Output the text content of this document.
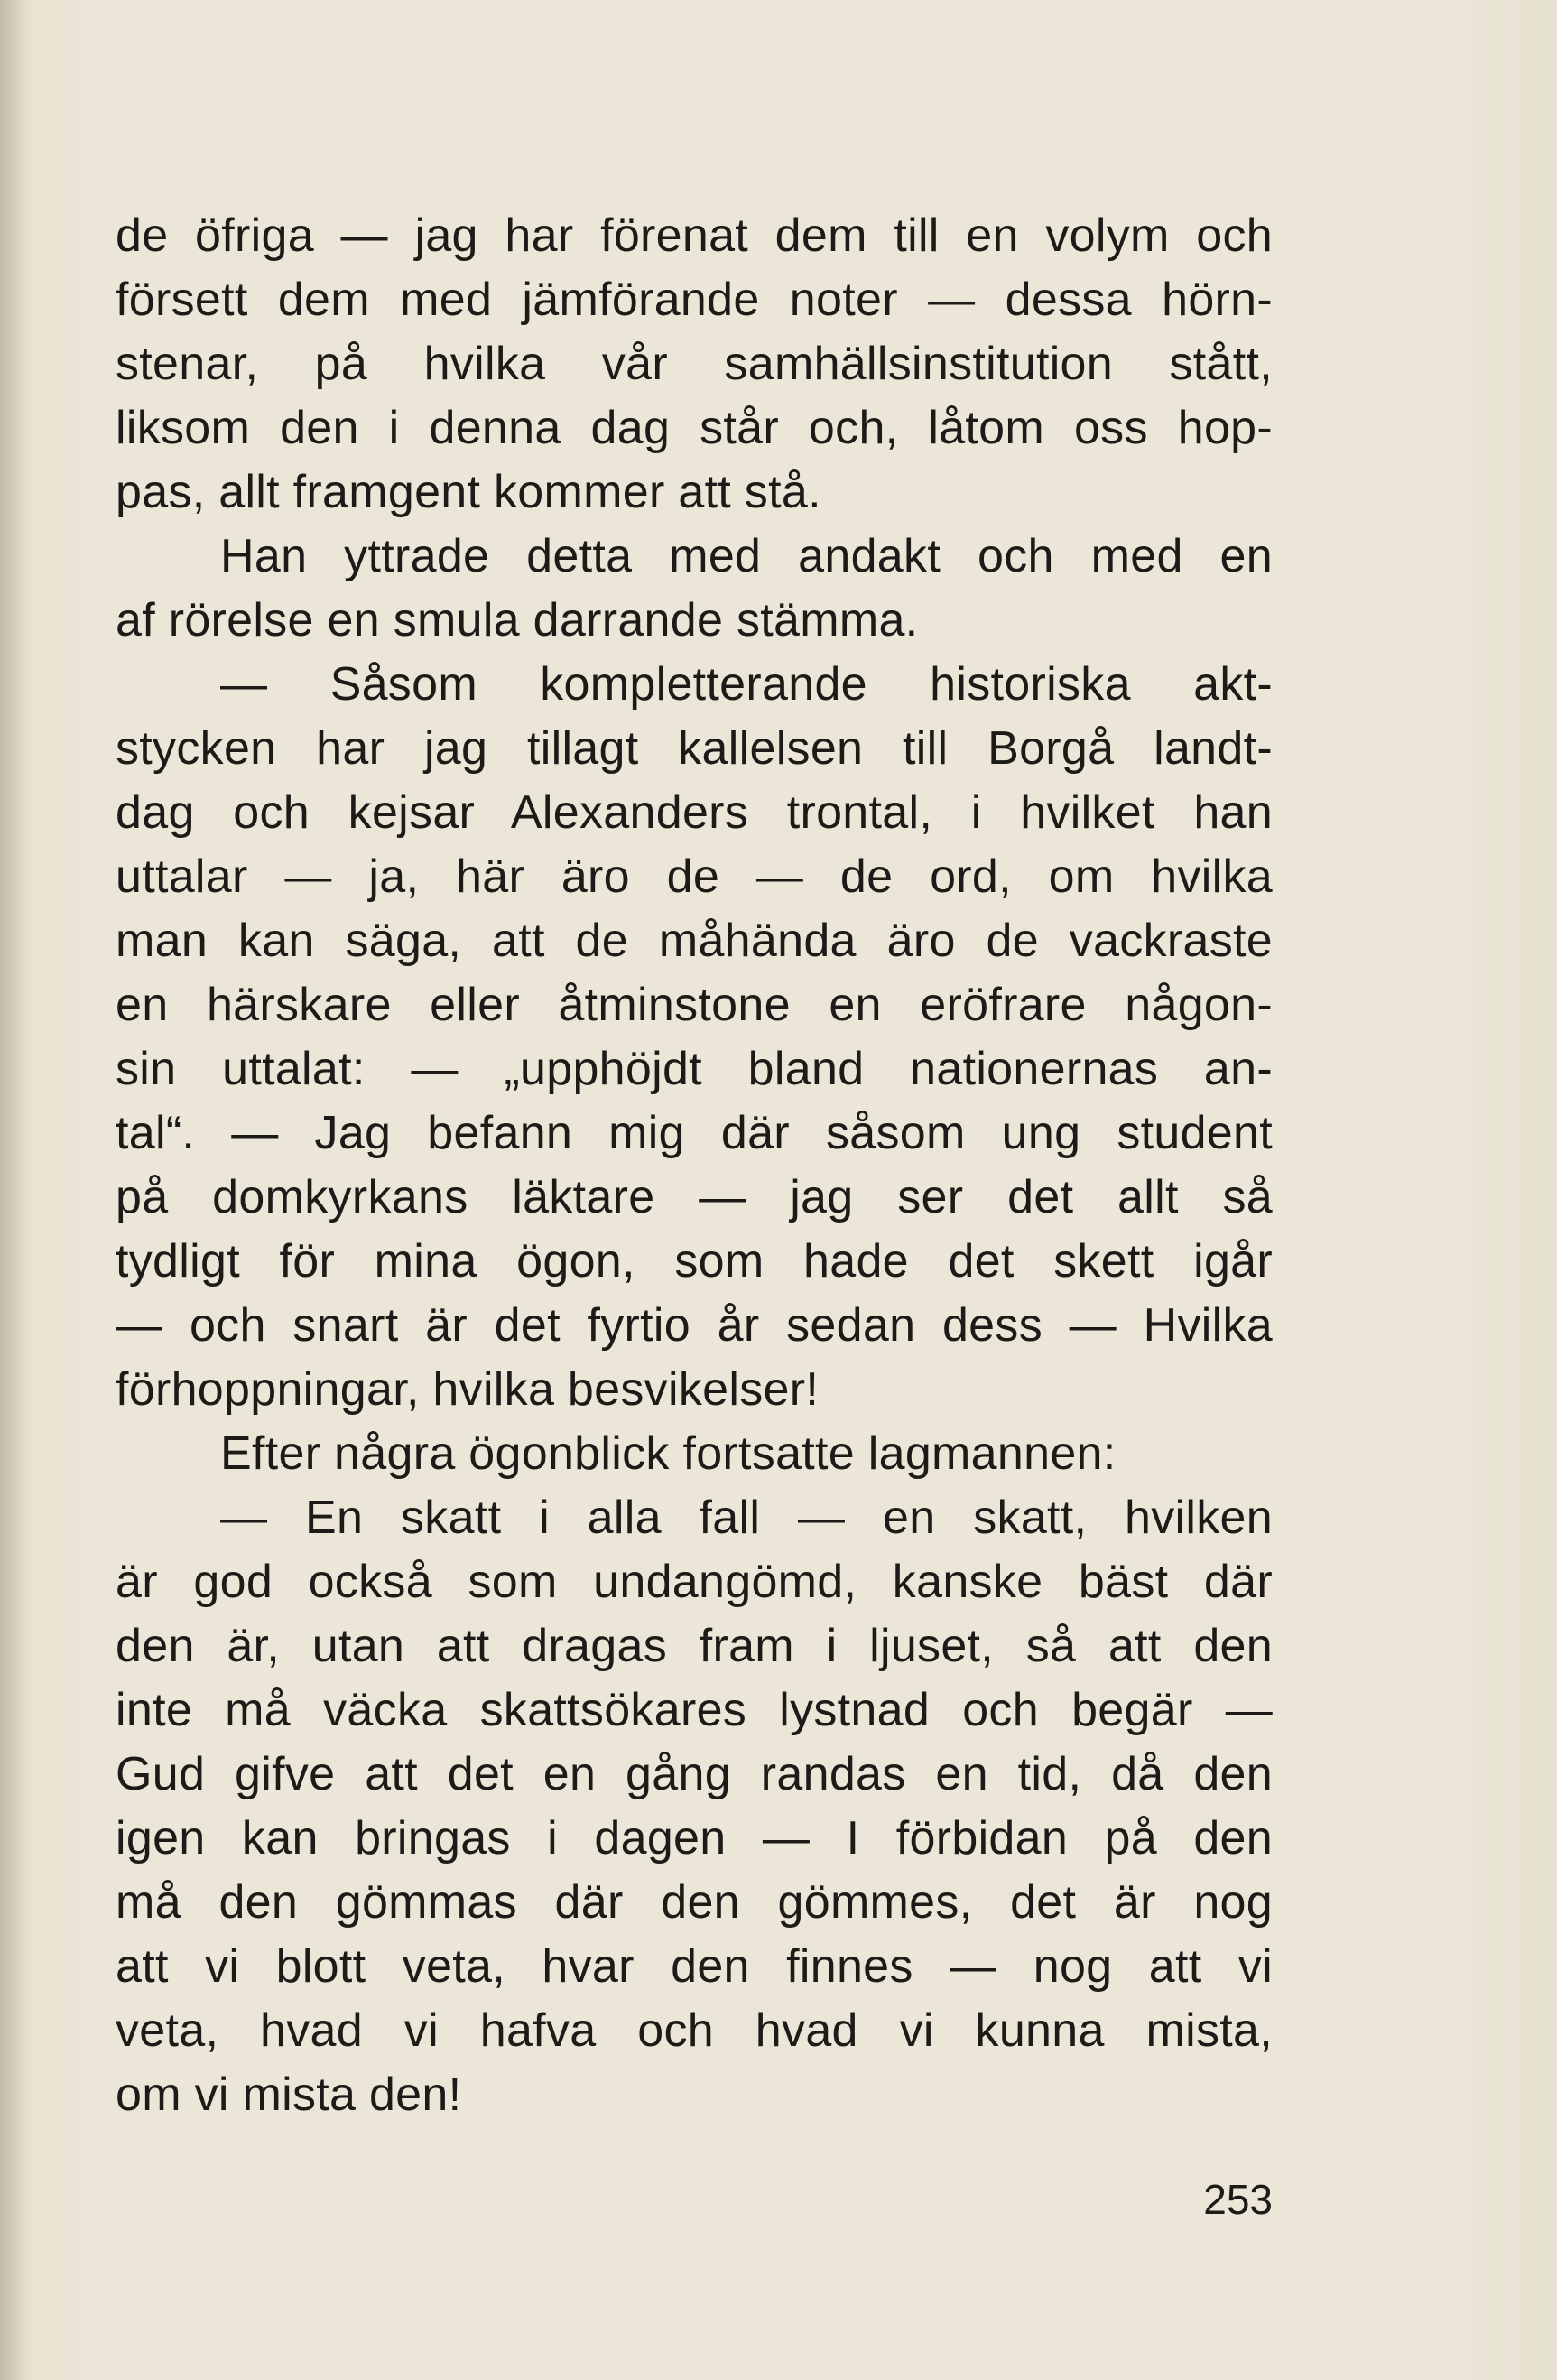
de öfriga — jag har förenat dem till en volym och
försett dem med jämförande noter — dessa hörn-
stenar, på hvilka vår samhällsinstitution stått,
liksom den i denna dag står och, låtom oss hop-
pas, allt framgent kommer att stå.
Han yttrade detta med andakt och med en
af rörelse en smula darrande stämma.
— Såsom kompletterande historiska akt-
stycken har jag tillagt kallelsen till Borgå landt-
dag och kejsar Alexanders trontal, i hvilket han
uttalar — ja, här äro de — de ord, om hvilka
man kan säga, att de måhända äro de vackraste
en härskare eller åtminstone en eröfrare någon-
sin uttalat: — „upphöjdt bland nationernas an-
tal“. — Jag befann mig där såsom ung student
på domkyrkans läktare — jag ser det allt så
tydligt för mina ögon, som hade det skett igår
— och snart är det fyrtio år sedan dess — Hvilka
förhoppningar, hvilka besvikelser!
Efter några ögonblick fortsatte lagmannen:
— En skatt i alla fall — en skatt, hvilken
är god också som undangömd, kanske bäst där
den är, utan att dragas fram i ljuset, så att den
inte må väcka skattsökares lystnad och begär —
Gud gifve att det en gång randas en tid, då den
igen kan bringas i dagen — I förbidan på den
må den gömmas där den gömmes, det är nog
att vi blott veta, hvar den finnes — nog att vi
veta, hvad vi hafva och hvad vi kunna mista,
om vi mista den!
253
